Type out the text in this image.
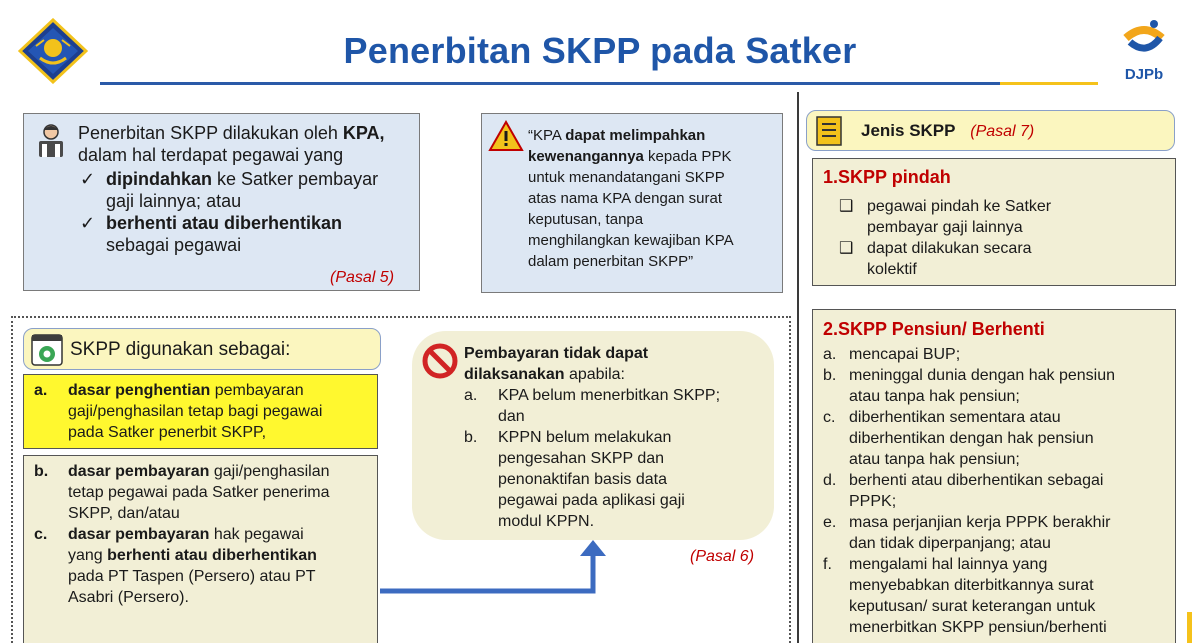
Penerbitan SKPP pada Satker
DJPb
Penerbitan SKPP dilakukan oleh KPA,
dalam hal terdapat pegawai yang
✓ dipindahkan ke Satker pembayar
gaji lainnya; atau
✓ berhenti atau diberhentikan
sebagai pegawai
(Pasal 5)
“KPA dapat melimpahkan
kewenangannya kepada PPK
untuk menandatangani SKPP
atas nama KPA dengan surat
keputusan, tanpa
menghilangkan kewajiban KPA
dalam penerbitan SKPP”
SKPP digunakan sebagai:
a. dasar penghentian pembayaran
gaji/penghasilan tetap bagi pegawai
pada Satker penerbit SKPP,
b. dasar pembayaran gaji/penghasilan
tetap pegawai pada Satker penerima
SKPP, dan/atau
c. dasar pembayaran hak pegawai
yang berhenti atau diberhentikan
pada PT Taspen (Persero) atau PT
Asabri (Persero).
Pembayaran tidak dapat
dilaksanakan apabila:
a. KPA belum menerbitkan SKPP;
dan
b. KPPN belum melakukan
pengesahan SKPP dan
penonaktifan basis data
pegawai pada aplikasi gaji
modul KPPN.
(Pasal 6)
Jenis SKPP (Pasal 7)
1.SKPP pindah
❑ pegawai pindah ke Satker
pembayar gaji lainnya
❑ dapat dilakukan secara
kolektif
2.SKPP Pensiun/ Berhenti
a. mencapai BUP;
b. meninggal dunia dengan hak pensiun
atau tanpa hak pensiun;
c. diberhentikan sementara atau
diberhentikan dengan hak pensiun
atau tanpa hak pensiun;
d. berhenti atau diberhentikan sebagai
PPPK;
e. masa perjanjian kerja PPPK berakhir
dan tidak diperpanjang; atau
f. mengalami hal lainnya yang
menyebabkan diterbitkannya surat
keputusan/ surat keterangan untuk
menerbitkan SKPP pensiun/berhenti
